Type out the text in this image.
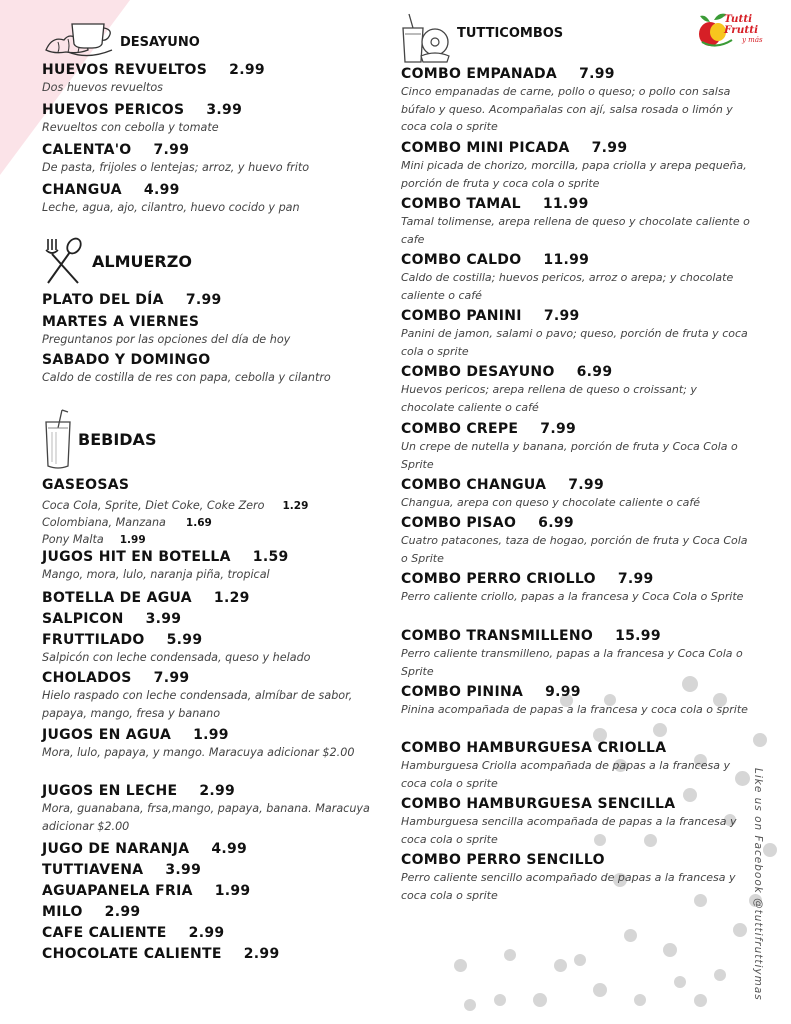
DESAYUNO
HUEVOS REVUELTOS 2.99
Dos huevos revueltos
HUEVOS PERICOS 3.99
Revueltos con cebolla y tomate
CALENTA'O 7.99
De pasta, frijoles o lentejas; arroz, y huevo frito
CHANGUA 4.99
Leche, agua, ajo, cilantro, huevo cocido y pan
ALMUERZO
PLATO DEL DÍA 7.99
MARTES A VIERNES
Preguntanos por las opciones del día de hoy
SABADO Y DOMINGO
Caldo de costilla de res con papa, cebolla y cilantro
BEBIDAS
GASEOSAS
Coca Cola, Sprite, Diet Coke, Coke Zero 1.29
Colombiana, Manzana 1.69
Pony Malta 1.99
JUGOS HIT EN BOTELLA 1.59
Mango, mora, lulo, naranja piña, tropical
BOTELLA DE AGUA 1.29
SALPICON 3.99
FRUTTILADO 5.99
Salpicón con leche condensada, queso y helado
CHOLADOS 7.99
Hielo raspado con leche condensada, almíbar de sabor, papaya, mango, fresa y banano
JUGOS EN AGUA 1.99
Mora, lulo, papaya, y mango. Maracuya adicionar $2.00
JUGOS EN LECHE 2.99
Mora, guanabana, frsa,mango, papaya, banana. Maracuya adicionar $2.00
JUGO DE NARANJA 4.99
TUTTIAVENA 3.99
AGUAPANELA FRIA 1.99
MILO 2.99
CAFE CALIENTE 2.99
CHOCOLATE CALIENTE 2.99
TUTTICOMBOS
COMBO EMPANADA 7.99
Cinco empanadas de carne, pollo o queso; o pollo con salsa búfalo y queso. Acompañalas con ají, salsa rosada o limón y coca cola o sprite
COMBO MINI PICADA 7.99
Mini picada de chorizo, morcilla, papa criolla y arepa pequeña, porción de fruta y coca cola o sprite
COMBO TAMAL 11.99
Tamal tolimense, arepa rellena de queso y chocolate caliente o cafe
COMBO CALDO 11.99
Caldo de costilla; huevos pericos, arroz o arepa; y chocolate caliente o café
COMBO PANINI 7.99
Panini de jamon, salami o pavo; queso, porción de fruta y coca cola o sprite
COMBO DESAYUNO 6.99
Huevos pericos; arepa rellena de queso o croissant; y chocolate caliente o café
COMBO CREPE 7.99
Un crepe de nutella y banana, porción de fruta y Coca Cola o Sprite
COMBO CHANGUA 7.99
Changua, arepa con queso y chocolate caliente o café
COMBO PISAO 6.99
Cuatro patacones, taza de hogao, porción de fruta y Coca Cola o Sprite
COMBO PERRO CRIOLLO 7.99
Perro caliente criollo, papas a la francesa y Coca Cola o Sprite
COMBO TRANSMILLENO 15.99
Perro caliente transmilleno, papas a la francesa y Coca Cola o Sprite
COMBO PININA 9.99
Pinina acompañada de papas a la francesa y coca cola o sprite
COMBO HAMBURGUESA CRIOLLA
Hamburguesa Criolla acompañada de papas a la francesa y coca cola o sprite
COMBO HAMBURGUESA SENCILLA
Hamburguesa sencilla acompañada de papas a la francesa y coca cola o sprite
COMBO PERRO SENCILLO
Perro caliente sencillo acompañado de papas a la francesa y coca cola o sprite
Tutti Frutti
y más
Like us on Facebook @tuttifruttiymas
